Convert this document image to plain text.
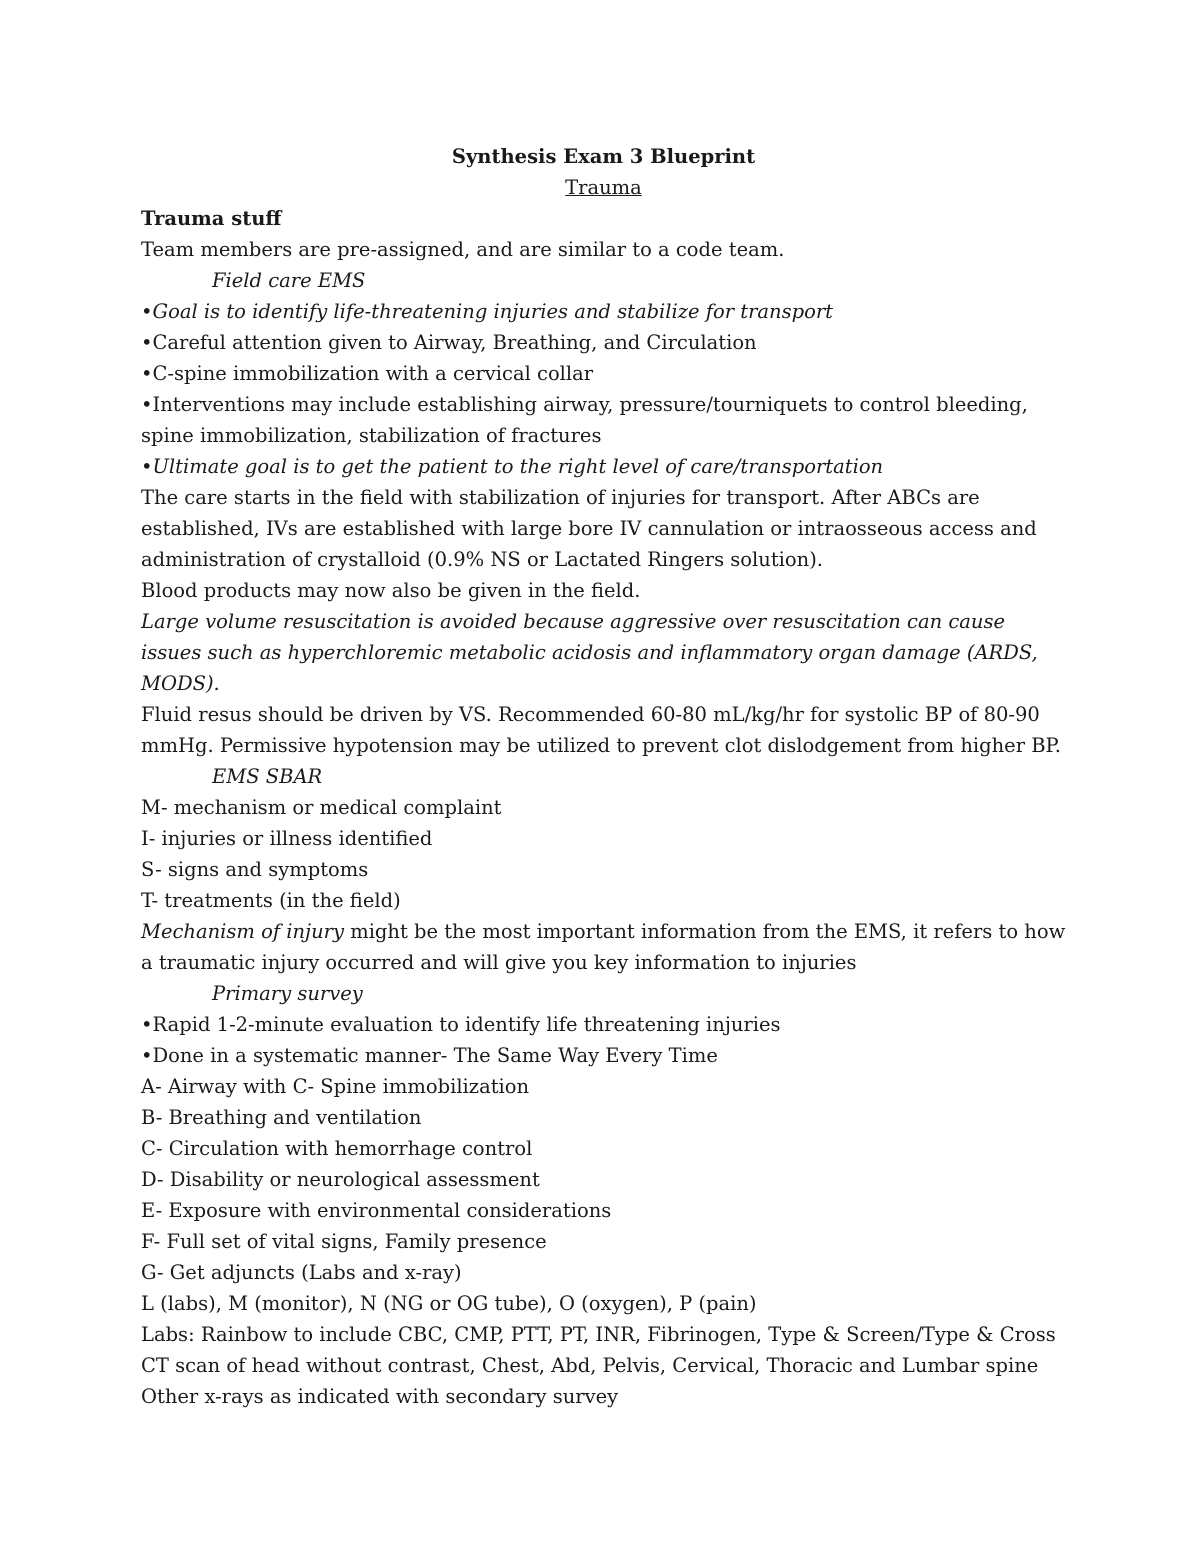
Synthesis Exam 3 Blueprint
Trauma
Trauma stuff
Team members are pre-assigned, and are similar to a code team.
Field care EMS
•Goal is to identify life-threatening injuries and stabilize for transport
•Careful attention given to Airway, Breathing, and Circulation
•C-spine immobilization with a cervical collar
•Interventions may include establishing airway, pressure/tourniquets to control bleeding, spine immobilization, stabilization of fractures
•Ultimate goal is to get the patient to the right level of care/transportation
The care starts in the field with stabilization of injuries for transport. After ABCs are established, IVs are established with large bore IV cannulation or intraosseous access and administration of crystalloid (0.9% NS or Lactated Ringers solution).
Blood products may now also be given in the field.
Large volume resuscitation is avoided because aggressive over resuscitation can cause issues such as hyperchloremic metabolic acidosis and inflammatory organ damage (ARDS, MODS).
Fluid resus should be driven by VS. Recommended 60-80 mL/kg/hr for systolic BP of 80-90 mmHg. Permissive hypotension may be utilized to prevent clot dislodgement from higher BP.
EMS SBAR
M- mechanism or medical complaint
I- injuries or illness identified
S- signs and symptoms
T- treatments (in the field)
Mechanism of injury might be the most important information from the EMS, it refers to how a traumatic injury occurred and will give you key information to injuries
Primary survey
•Rapid 1-2-minute evaluation to identify life threatening injuries
•Done in a systematic manner- The Same Way Every Time
A- Airway with C- Spine immobilization
B- Breathing and ventilation
C- Circulation with hemorrhage control
D- Disability or neurological assessment
E- Exposure with environmental considerations
F- Full set of vital signs, Family presence
G- Get adjuncts (Labs and x-ray)
L (labs), M (monitor), N (NG or OG tube), O (oxygen), P (pain)
Labs: Rainbow to include CBC, CMP, PTT, PT, INR, Fibrinogen, Type & Screen/Type & Cross
CT scan of head without contrast, Chest, Abd, Pelvis, Cervical, Thoracic and Lumbar spine
Other x-rays as indicated with secondary survey
